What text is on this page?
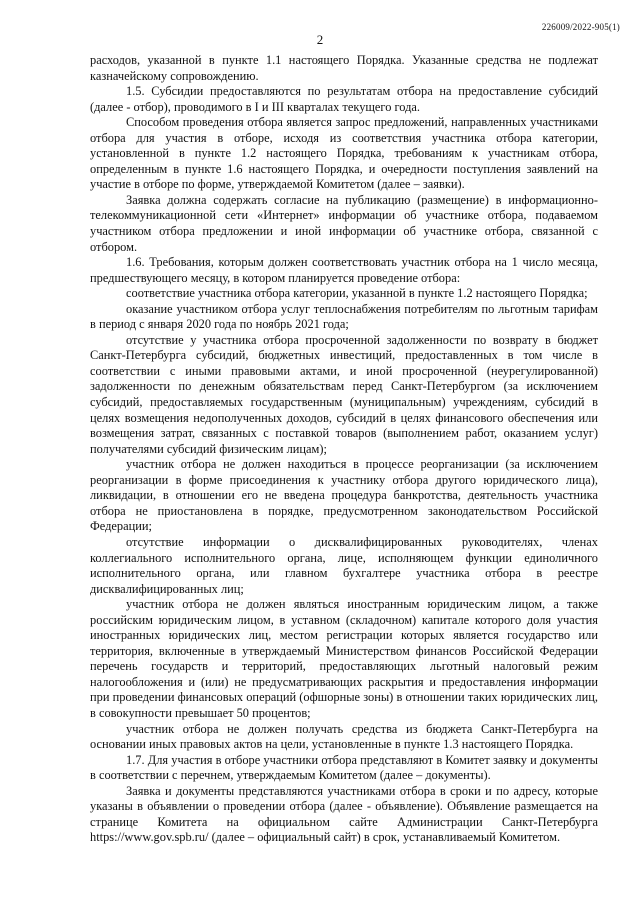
226009/2022-905(1)
2

расходов, указанной в пункте 1.1 настоящего Порядка. Указанные средства не подлежат казначейскому сопровождению.

1.5. Субсидии предоставляются по результатам отбора на предоставление субсидий (далее - отбор), проводимого в I и III кварталах текущего года.

Способом проведения отбора является запрос предложений, направленных участниками отбора для участия в отборе, исходя из соответствия участника отбора категории, установленной в пункте 1.2 настоящего Порядка, требованиям к участникам отбора, определенным в пункте 1.6 настоящего Порядка, и очередности поступления заявлений на участие в отборе по форме, утверждаемой Комитетом (далее – заявки).

Заявка должна содержать согласие на публикацию (размещение) в информационно-телекоммуникационной сети «Интернет» информации об участнике отбора, подаваемом участником отбора предложении и иной информации об участнике отбора, связанной с отбором.

1.6. Требования, которым должен соответствовать участник отбора на 1 число месяца, предшествующего месяцу, в котором планируется проведение отбора:

соответствие участника отбора категории, указанной в пункте 1.2 настоящего Порядка;

оказание участником отбора услуг теплоснабжения потребителям по льготным тарифам в период с января 2020 года по ноябрь 2021 года;

отсутствие у участника отбора просроченной задолженности по возврату в бюджет Санкт-Петербурга субсидий, бюджетных инвестиций, предоставленных в том числе в соответствии с иными правовыми актами, и иной просроченной (неурегулированной) задолженности по денежным обязательствам перед Санкт-Петербургом (за исключением субсидий, предоставляемых государственным (муниципальным) учреждениям, субсидий в целях возмещения недополученных доходов, субсидий в целях финансового обеспечения или возмещения затрат, связанных с поставкой товаров (выполнением работ, оказанием услуг) получателями субсидий физическим лицам);

участник отбора не должен находиться в процессе реорганизации (за исключением реорганизации в форме присоединения к участнику отбора другого юридического лица), ликвидации, в отношении его не введена процедура банкротства, деятельность участника отбора не приостановлена в порядке, предусмотренном законодательством Российской Федерации;

отсутствие информации о дисквалифицированных руководителях, членах коллегиального исполнительного органа, лице, исполняющем функции единоличного исполнительного органа, или главном бухгалтере участника отбора в реестре дисквалифицированных лиц;

участник отбора не должен являться иностранным юридическим лицом, а также российским юридическим лицом, в уставном (складочном) капитале которого доля участия иностранных юридических лиц, местом регистрации которых является государство или территория, включенные в утверждаемый Министерством финансов Российской Федерации перечень государств и территорий, предоставляющих льготный налоговый режим налогообложения и (или) не предусматривающих раскрытия и предоставления информации при проведении финансовых операций (офшорные зоны) в отношении таких юридических лиц, в совокупности превышает 50 процентов;

участник отбора не должен получать средства из бюджета Санкт-Петербурга на основании иных правовых актов на цели, установленные в пункте 1.3 настоящего Порядка.

1.7. Для участия в отборе участники отбора представляют в Комитет заявку и документы в соответствии с перечнем, утверждаемым Комитетом (далее – документы).

Заявка и документы представляются участниками отбора в сроки и по адресу, которые указаны в объявлении о проведении отбора (далее - объявление). Объявление размещается на странице Комитета на официальном сайте Администрации Санкт-Петербурга https://www.gov.spb.ru/ (далее – официальный сайт) в срок, устанавливаемый Комитетом.
